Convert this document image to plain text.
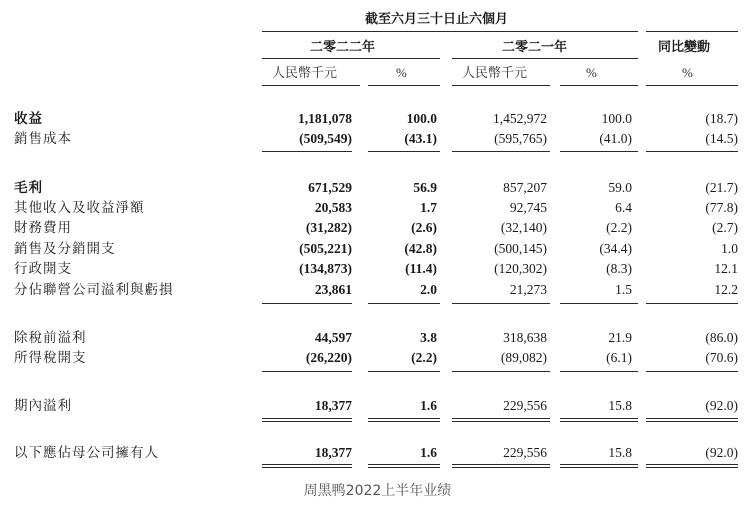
截至六月三十日止六個月
二零二二年	二零二一年	同比變動
人民幣千元	%	人民幣千元	%	%
收益	1,181,078	100.0	1,452,972	100.0	(18.7)
銷售成本	(509,549)	(43.1)	(595,765)	(41.0)	(14.5)
毛利	671,529	56.9	857,207	59.0	(21.7)
其他收入及收益淨額	20,583	1.7	92,745	6.4	(77.8)
財務費用	(31,282)	(2.6)	(32,140)	(2.2)	(2.7)
銷售及分銷開支	(505,221)	(42.8)	(500,145)	(34.4)	1.0
行政開支	(134,873)	(11.4)	(120,302)	(8.3)	12.1
分佔聯營公司溢利與虧損	23,861	2.0	21,273	1.5	12.2
除稅前溢利	44,597	3.8	318,638	21.9	(86.0)
所得稅開支	(26,220)	(2.2)	(89,082)	(6.1)	(70.6)
期內溢利	18,377	1.6	229,556	15.8	(92.0)
以下應佔母公司擁有人	18,377	1.6	229,556	15.8	(92.0)
周黑鸭2022上半年业绩
